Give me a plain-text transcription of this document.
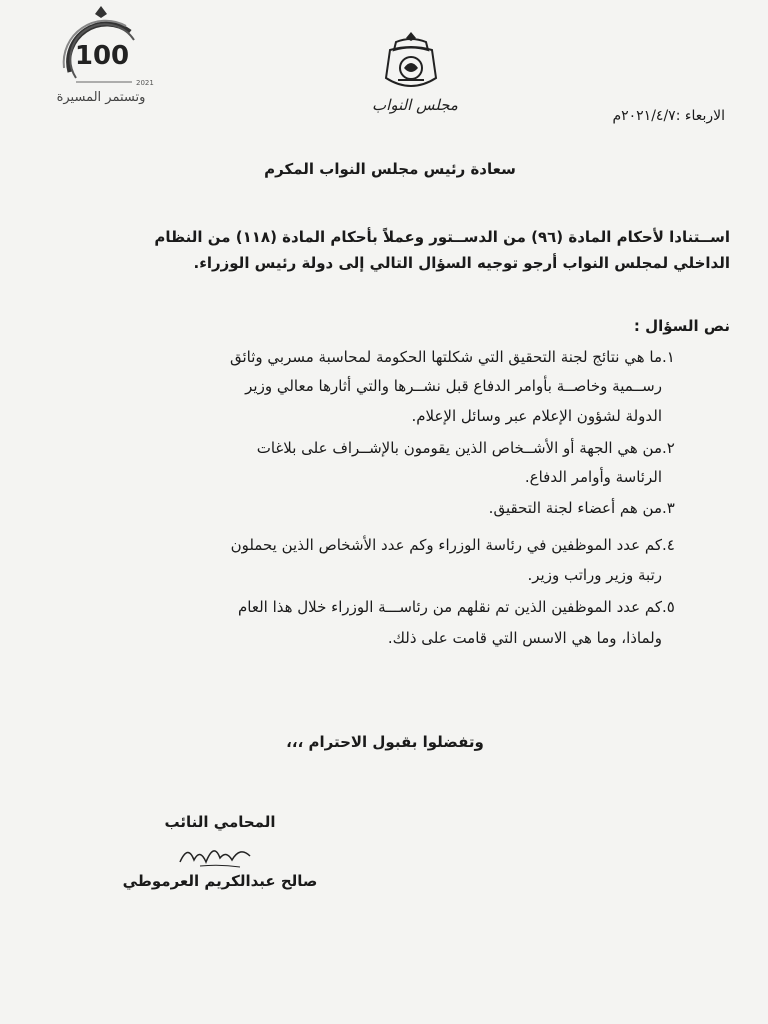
100
2021
وتستمر المسيرة	مجلس النواب
الاربعاء :٢٠٢١/٤/٧م
سعادة رئيس مجلس النواب المكرم
اســتنادا لأحكام المادة (٩٦) من الدســتور وعملاً بأحكام المادة (١١٨) من النظام
الداخلي لمجلس النواب أرجو توجيه السؤال التالي إلى دولة رئيس الوزراء.
نص السؤال :
١.ما هي نتائج لجنة التحقيق التي شكلتها الحكومة لمحاسبة مسربي وثائق
رســمية وخاصــة بأوامر الدفاع قبل نشــرها والتي أثارها معالي وزير
الدولة لشؤون الإعلام عبر وسائل الإعلام.
٢.من هي الجهة أو الأشــخاص الذين يقومون بالإشــراف على بلاغات
الرئاسة وأوامر الدفاع.
٣.من هم أعضاء لجنة التحقيق.
٤.كم عدد الموظفين في رئاسة الوزراء وكم عدد الأشخاص الذين يحملون
رتبة وزير وراتب وزير.
٥.كم عدد الموظفين الذين تم نقلهم من رئاســـة الوزراء خلال هذا العام
ولماذا، وما هي الاسس التي قامت على ذلك.
وتفضلوا بقبول الاحترام ،،،
المحامي النائب
صالح عبدالكريم العرموطي
